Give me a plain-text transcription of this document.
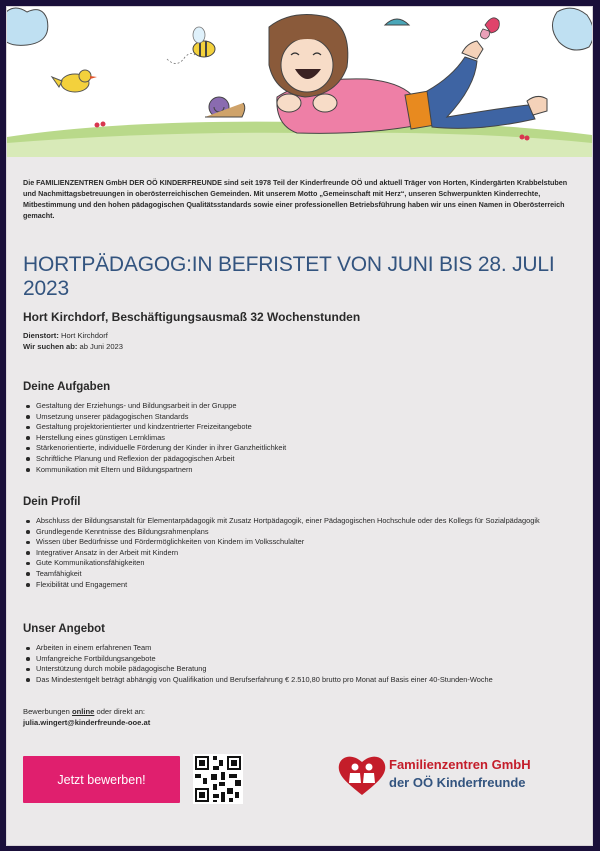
Die FAMILIENZENTREN GmbH DER OÖ KINDERFREUNDE sind seit 1978 Teil der Kinderfreunde OÖ und aktuell Träger von Horten, Kindergärten Krabbelstuben und Nachmittagsbetreuungen in oberösterreichischen Gemeinden. Mit unserem Motto „Gemeinschaft mit Herz“, unseren Schwerpunkten Kinderrechte, Mitbestimmung und den hohen pädagogischen Qualitätsstandards sowie einer professionellen Betriebsführung haben wir uns einen Namen in Oberösterreich gemacht.
HORTPÄDAGOG:IN BEFRISTET VON JUNI BIS 28. JULI 2023
Hort Kirchdorf, Beschäftigungsausmaß 32 Wochenstunden
Dienstort: Hort Kirchdorf
Wir suchen ab: ab Juni 2023
Deine Aufgaben
Gestaltung der Erziehungs- und Bildungsarbeit in der Gruppe
Umsetzung unserer pädagogischen Standards
Gestaltung projektorientierter und kindzentrierter Freizeitangebote
Herstellung eines günstigen Lernklimas
Stärkenorientierte, individuelle Förderung der Kinder in ihrer Ganzheitlichkeit
Schriftliche Planung und Reflexion der pädagogischen Arbeit
Kommunikation mit Eltern und Bildungspartnern
Dein Profil
Abschluss der Bildungsanstalt für Elementarpädagogik mit Zusatz Hortpädagogik, einer Pädagogischen Hochschule oder des Kollegs für Sozialpädagogik
Grundlegende Kenntnisse des Bildungsrahmenplans
Wissen über Bedürfnisse und Fördermöglichkeiten von Kindern im Volksschulalter
Integrativer Ansatz in der Arbeit mit Kindern
Gute Kommunikationsfähigkeiten
Teamfähigkeit
Flexibilität und Engagement
Unser Angebot
Arbeiten in einem erfahrenen Team
Umfangreiche Fortbildungsangebote
Unterstützung durch mobile pädagogische Beratung
Das Mindestentgelt beträgt abhängig von Qualifikation und Berufserfahrung € 2.510,80 brutto pro Monat auf Basis einer 40-Stunden-Woche
Bewerbungen online oder direkt an:
julia.wingert@kinderfreunde-ooe.at
Jetzt bewerben!
Familienzentren GmbH
der OÖ Kinderfreunde
